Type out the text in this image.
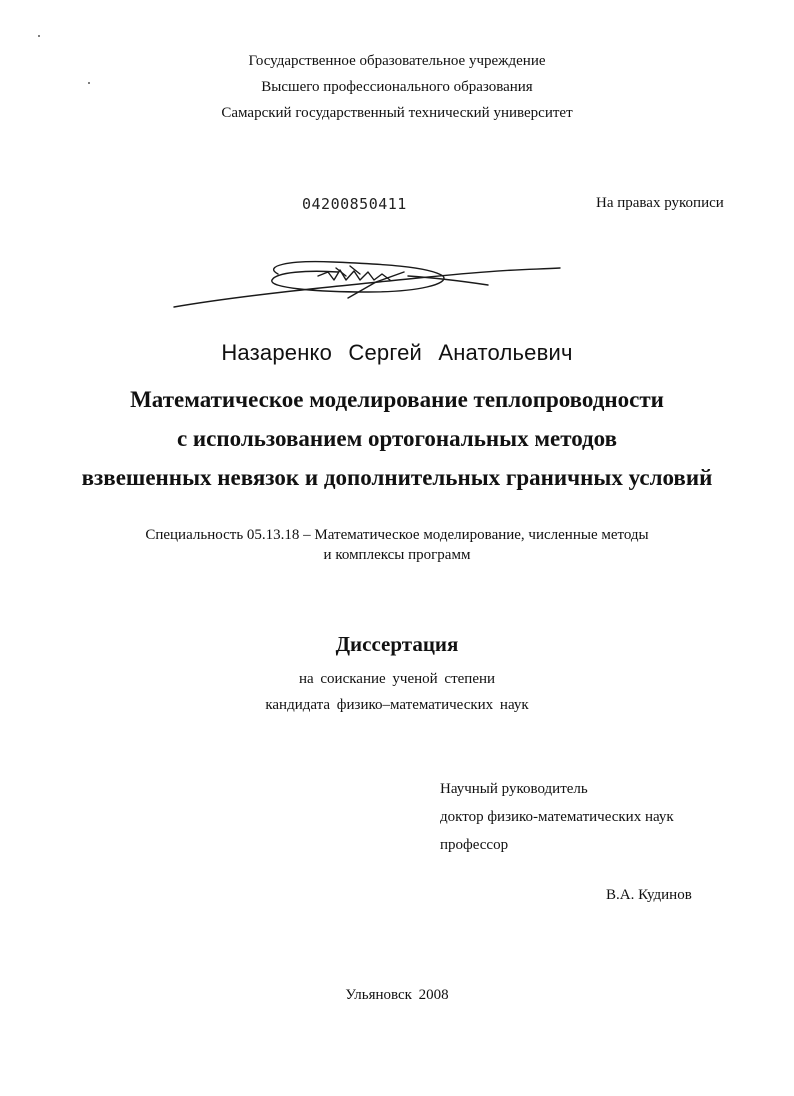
Государственное образовательное учреждение
Высшего профессионального образования
Самарский государственный технический университет
04200850411	На правах рукописи
Назаренко Сергей Анатольевич
Математическое моделирование теплопроводности
с использованием ортогональных методов
взвешенных невязок и дополнительных граничных условий
Специальность 05.13.18 – Математическое моделирование, численные методы
и комплексы программ
Диссертация
на соискание ученой степени
кандидата физико–математических наук
Научный руководитель
доктор физико-математических наук
профессор
В.А. Кудинов
Ульяновск 2008
